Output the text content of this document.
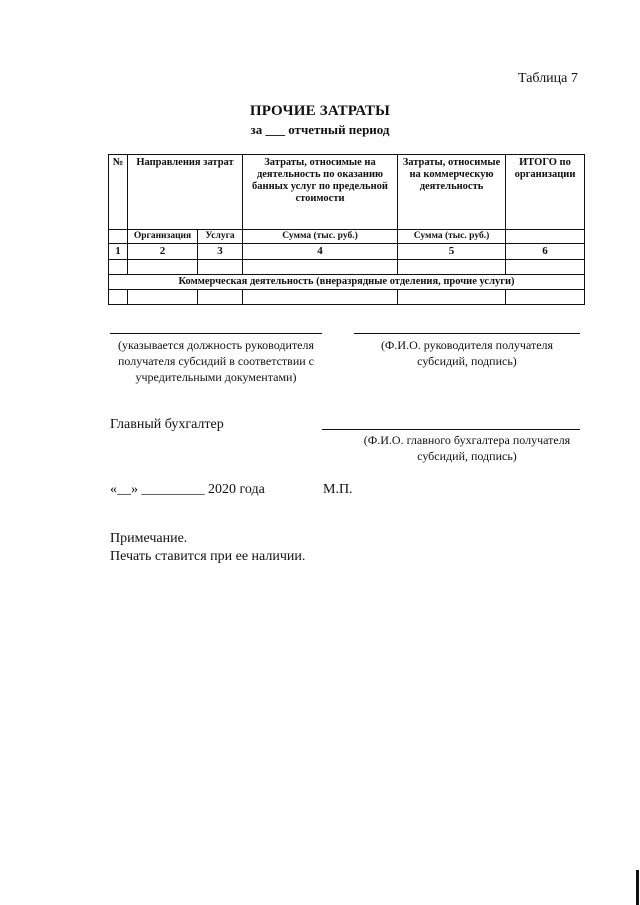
Таблица 7
ПРОЧИЕ ЗАТРАТЫ
за ___ отчетный период
№	Направления затрат		Затраты, относимые на деятельность по оказанию банных услуг по предельной стоимости	Затраты, относимые на коммерческую деятельность	ИТОГО по организации
	Организация	Услуга	Сумма (тыс. руб.)	Сумма (тыс. руб.)	
1	2	3	4	5	6

Коммерческая деятельность (внеразрядные отделения, прочие услуги)					

(указывается должность руководителя получателя субсидий в соответствии с учредительными документами)
(Ф.И.О. руководителя получателя субсидий, подпись)
Главный бухгалтер
(Ф.И.О. главного бухгалтера получателя субсидий, подпись)
«__» _________ 2020 года	М.П.
Примечание.
Печать ставится при ее наличии.
